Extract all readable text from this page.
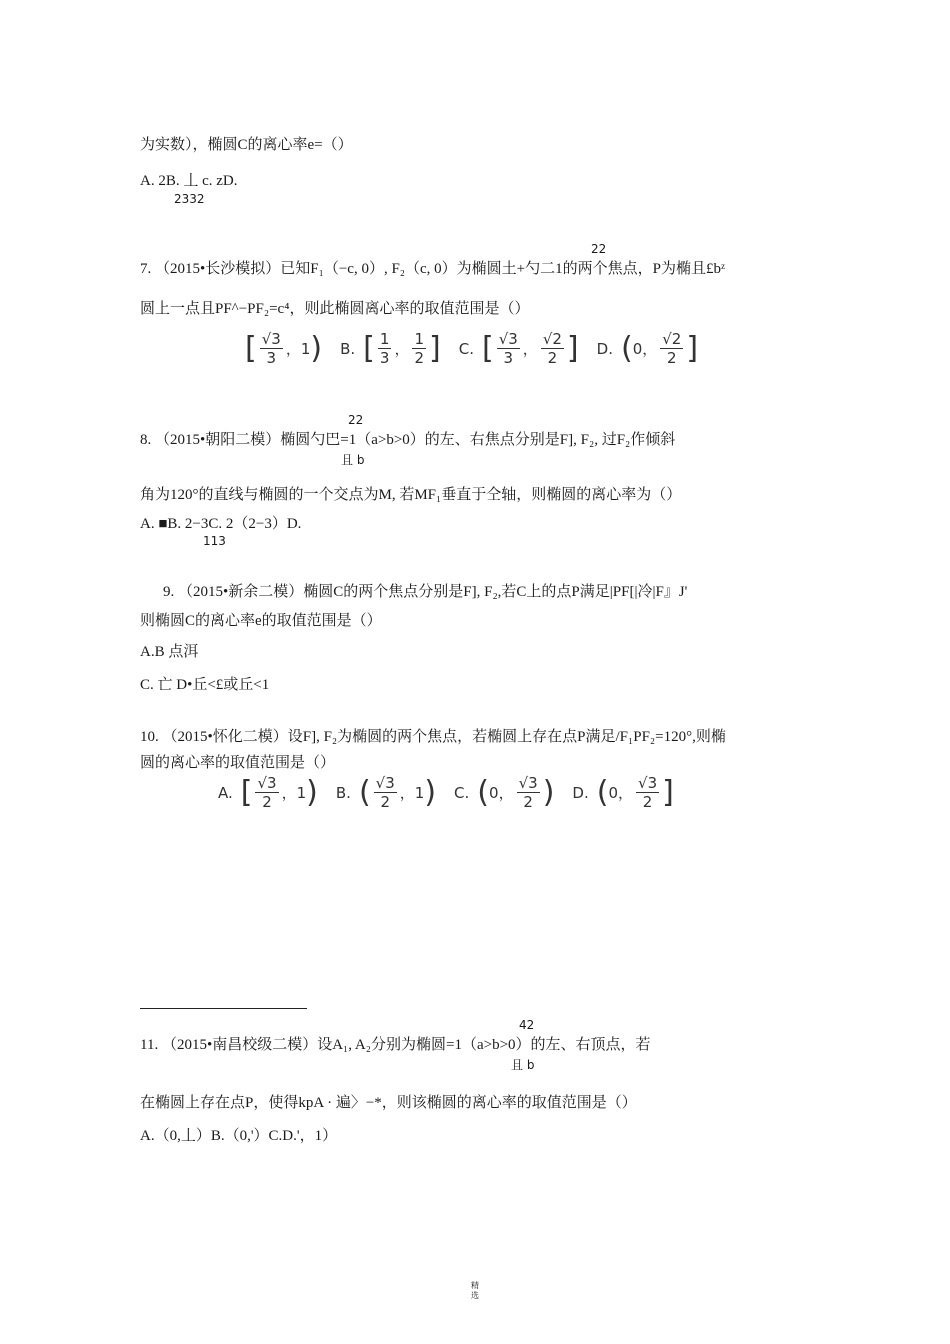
为实数），椭圆C的离心率e=（）
A. 2B. 丄 c. zD.
2332
22
7. （2015•长沙模拟）已知F₁（−c, 0）, F₂（c, 0）为椭圆土+勺二1的两个焦点，P为椭且£bᶻ
圆上一点且PF^−PF₂=c⁴，则此椭圆离心率的取值范围是（）
[ $\frac{√3}{3}$ ， 1 ) B. [ $\frac{1}{3}$ ， $\frac{1}{2}$ ] C. [ $\frac{√3}{3}$ ， $\frac{√2}{2}$ ] D. ( 0 ， $\frac{√2}{2}$ ]
22
8. （2015•朝阳二模）椭圆勺巴=1（a>b>0）的左、右焦点分别是F], F₂, 过F₂作倾斜
且 b
角为120°的直线与椭圆的一个交点为M, 若MF₁垂直于仝轴，则椭圆的离心率为（）
A. ■B. 2−3C. 2（2−3）D.
113
9. （2015•新余二模）椭圆C的两个焦点分别是F], F₂,若C上的点P满足|PF[|冷|F』J'
则椭圆C的离心率e的取值范围是（）
A.B 点洱
C. 亡 D•丘<£或丘<1
10. （2015•怀化二模）设F], F₂为椭圆的两个焦点，若椭圆上存在点P满足/F₁PF₂=120°,则椭
圆的离心率的取值范围是（）
A. [ $\frac{√3}{2}$ ， 1 ) B. ( $\frac{√3}{2}$ ， 1 ) C. ( 0 ， $\frac{√3}{2}$ ) D. ( 0 ， $\frac{√3}{2}$ ]
42
11. （2015•南昌校级二模）设A₁, A₂分别为椭圆=1（a>b>0）的左、右顶点，若
且 b
在椭圆上存在点P，使得kpA · 遍〉−*，则该椭圆的离心率的取值范围是（）
A.（0,丄）B.（0,'）C.D.'，1）
精
选
